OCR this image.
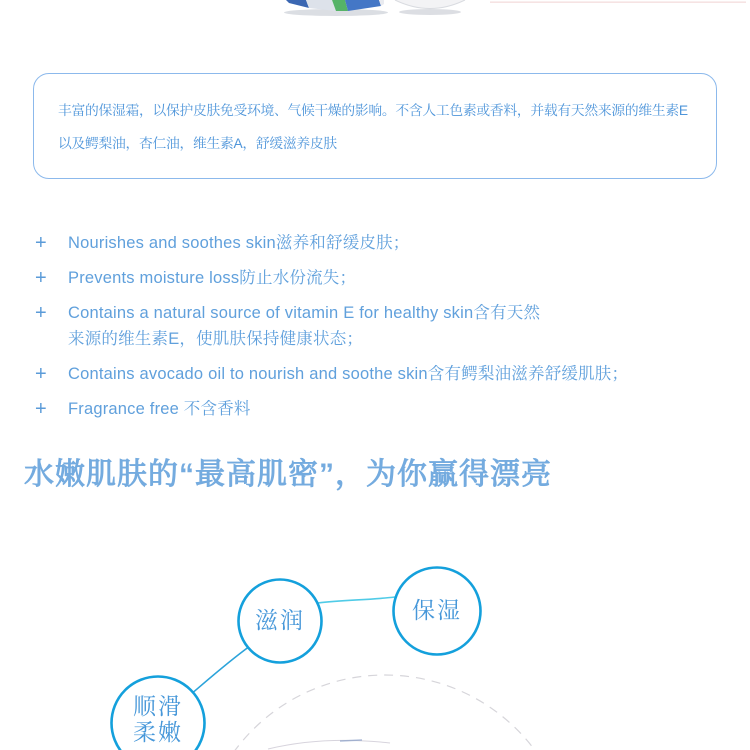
丰富的保湿霜，以保护皮肤免受环境、气候干燥的影响。不含人工色素或香料，并载有天然来源的维生素E

以及鳄梨油，杏仁油，维生素A，舒缓滋养皮肤

+	Nourishes and soothes skin滋养和舒缓皮肤；
+	Prevents moisture loss防止水份流失；
+	Contains a natural source of vitamin E for healthy skin含有天然
来源的维生素E，使肌肤保持健康状态；
+	Contains avocado oil to nourish and soothe skin含有鳄梨油滋养舒缓肌肤；
+	Fragrance free 不含香料
水嫩肌肤的“最高肌密”，为你赢得漂亮
滋润	保湿
顺滑
柔嫩
